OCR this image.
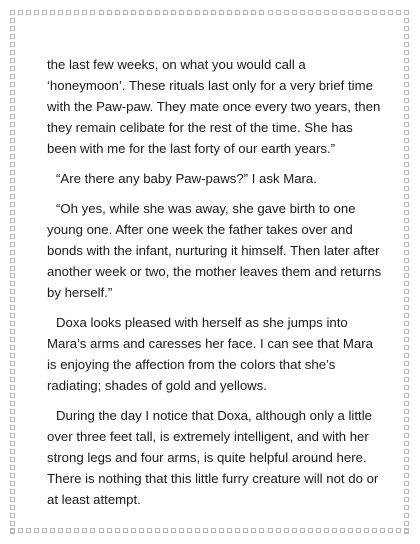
the last few weeks, on what you would call a ‘honeymoon’. These rituals last only for a very brief time with the Paw-paw. They mate once every two years, then they remain celibate for the rest of the time. She has been with me for the last forty of our earth years.”

“Are there any baby Paw-paws?” I ask Mara.

“Oh yes, while she was away, she gave birth to one young one. After one week the father takes over and bonds with the infant, nurturing it himself. Then later after another week or two, the mother leaves them and returns by herself.”

Doxa looks pleased with herself as she jumps into Mara’s arms and caresses her face. I can see that Mara is enjoying the affection from the colors that she’s radiating; shades of gold and yellows.

During the day I notice that Doxa, although only a little over three feet tall, is extremely intelligent, and with her strong legs and four arms, is quite helpful around here. There is nothing that this little furry creature will not do or at least attempt.
